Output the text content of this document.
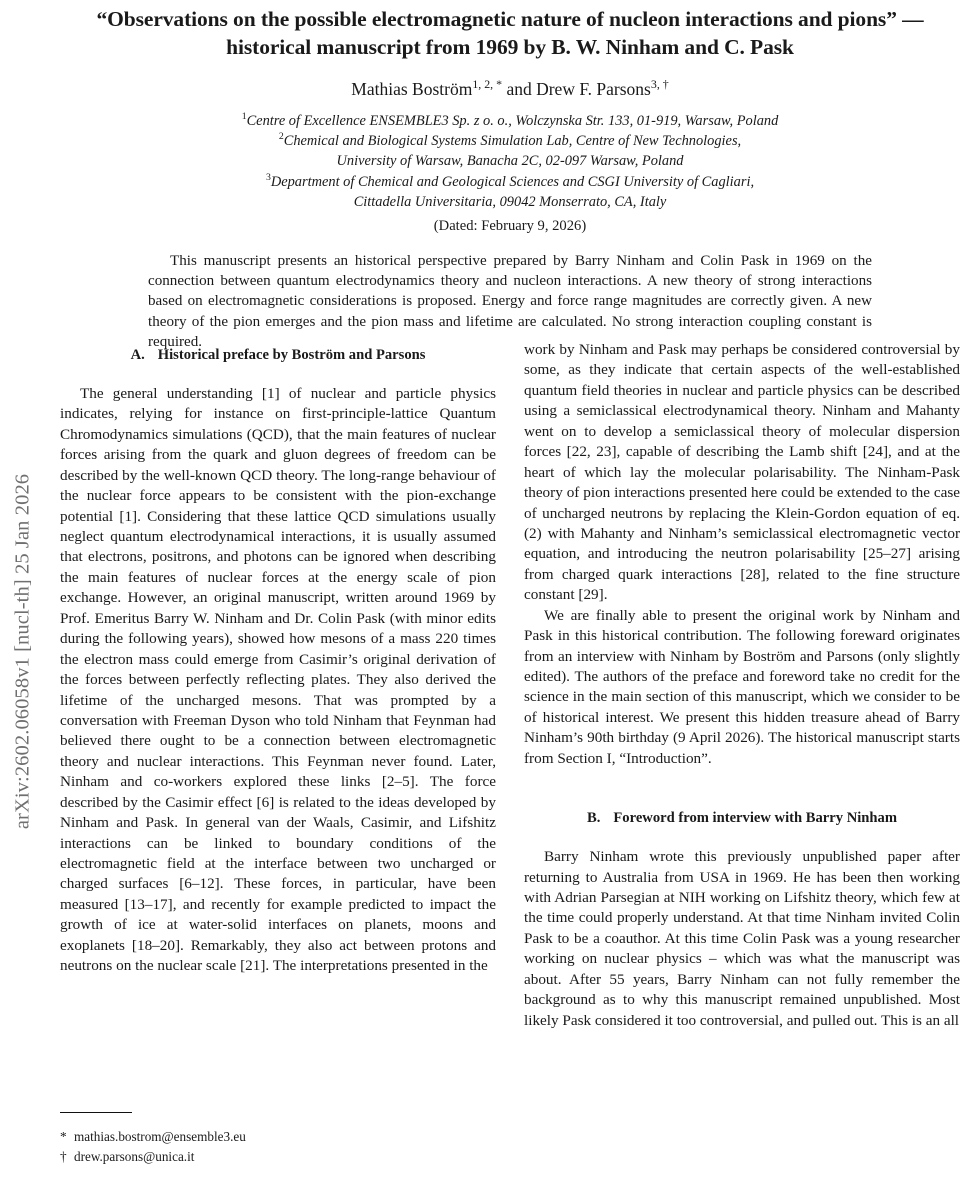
arXiv:2602.06058v1 [nucl-th] 25 Jan 2026
“Observations on the possible electromagnetic nature of nucleon interactions and pions” — historical manuscript from 1969 by B. W. Ninham and C. Pask
Mathias Boström$^{1, 2, *}$ and Drew F. Parsons$^{3, \dagger}$
$^1$Centre of Excellence ENSEMBLE3 Sp. z o. o., Wolczynska Str. 133, 01-919, Warsaw, Poland
$^2$Chemical and Biological Systems Simulation Lab, Centre of New Technologies,
University of Warsaw, Banacha 2C, 02-097 Warsaw, Poland
$^3$Department of Chemical and Geological Sciences and CSGI University of Cagliari,
Cittadella Universitaria, 09042 Monserrato, CA, Italy
(Dated: February 9, 2026)
This manuscript presents an historical perspective prepared by Barry Ninham and Colin Pask in 1969 on the connection between quantum electrodynamics theory and nucleon interactions. A new theory of strong interactions based on electromagnetic considerations is proposed. Energy and force range magnitudes are correctly given. A new theory of the pion emerges and the pion mass and lifetime are calculated. No strong interaction coupling constant is required.
A. Historical preface by Boström and Parsons

The general understanding [1] of nuclear and particle physics indicates, relying for instance on first-principle-lattice Quantum Chromodynamics simulations (QCD), that the main features of nuclear forces arising from the quark and gluon degrees of freedom can be described by the well-known QCD theory. The long-range behaviour of the nuclear force appears to be consistent with the pion-exchange potential [1]. Considering that these lattice QCD simulations usually neglect quantum electrodynamical interactions, it is usually assumed that electrons, positrons, and photons can be ignored when describing the main features of nuclear forces at the energy scale of pion exchange. However, an original manuscript, written around 1969 by Prof. Emeritus Barry W. Ninham and Dr. Colin Pask (with minor edits during the following years), showed how mesons of a mass 220 times the electron mass could emerge from Casimir’s original derivation of the forces between perfectly reflecting plates. They also derived the lifetime of the uncharged mesons. That was prompted by a conversation with Freeman Dyson who told Ninham that Feynman had believed there ought to be a connection between electromagnetic theory and nuclear interactions. This Feynman never found. Later, Ninham and co-workers explored these links [2–5]. The force described by the Casimir effect [6] is related to the ideas developed by Ninham and Pask. In general van der Waals, Casimir, and Lifshitz interactions can be linked to boundary conditions of the electromagnetic field at the interface between two uncharged or charged surfaces [6–12]. These forces, in particular, have been measured [13–17], and recently for example predicted to impact the growth of ice at water-solid interfaces on planets, moons and exoplanets [18–20]. Remarkably, they also act between protons and neutrons on the nuclear scale [21]. The interpretations presented in the

* mathias.bostrom@ensemble3.eu

† drew.parsons@unica.it

work by Ninham and Pask may perhaps be considered controversial by some, as they indicate that certain aspects of the well-established quantum field theories in nuclear and particle physics can be described using a semiclassical electrodynamical theory. Ninham and Mahanty went on to develop a semiclassical theory of molecular dispersion forces [22, 23], capable of describing the Lamb shift [24], and at the heart of which lay the molecular polarisability. The Ninham-Pask theory of pion interactions presented here could be extended to the case of uncharged neutrons by replacing the Klein-Gordon equation of eq.(2) with Mahanty and Ninham’s semiclassical electromagnetic vector equation, and introducing the neutron polarisability [25–27] arising from charged quark interactions [28], related to the fine structure constant [29].

We are finally able to present the original work by Ninham and Pask in this historical contribution. The following foreward originates from an interview with Ninham by Boström and Parsons (only slightly edited). The authors of the preface and foreword take no credit for the science in the main section of this manuscript, which we consider to be of historical interest. We present this hidden treasure ahead of Barry Ninham’s 90th birthday (9 April 2026). The historical manuscript starts from Section I, “Introduction”.

B. Foreword from interview with Barry Ninham

Barry Ninham wrote this previously unpublished paper after returning to Australia from USA in 1969. He has been then working with Adrian Parsegian at NIH working on Lifshitz theory, which few at the time could properly understand. At that time Ninham invited Colin Pask to be a coauthor. At this time Colin Pask was a young researcher working on nuclear physics – which was what the manuscript was about. After 55 years, Barry Ninham can not fully remember the background as to why this manuscript remained unpublished. Most likely Pask considered it too controversial, and pulled out. This is an all
